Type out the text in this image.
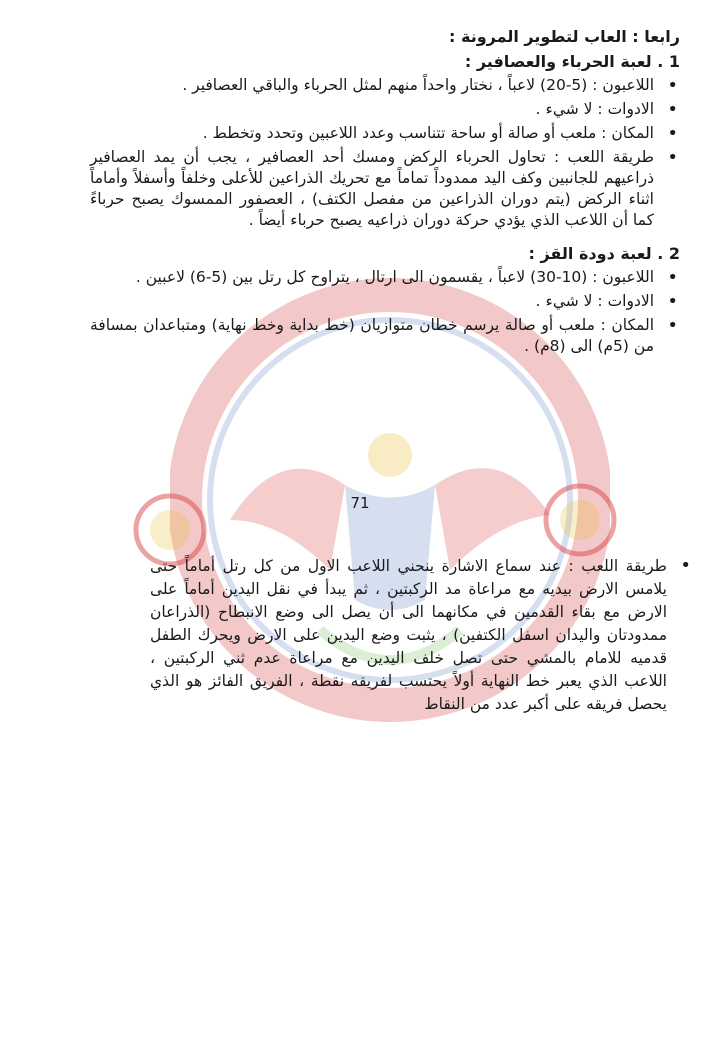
رابعا : العاب لتطوير المرونة :
1 . لعبة الحرباء والعصافير :
• اللاعبون : (5-20) لاعباً ، نختار واحداً منهم لمثل الحرباء والباقي العصافير .
• الادوات : لا شيء .
• المكان : ملعب أو صالة أو ساحة تتناسب وعدد اللاعبين وتحدد وتخطط .
• طريقة اللعب : تحاول الحرباء الركض ومسك أحد العصافير ، يجب أن يمد العصافير ذراعيهم للجانبين وكف اليد ممدوداً تماماً مع تحريك الذراعين للأعلى وخلفاً وأسفلاً وأماماً اثناء الركض (يتم دوران الذراعين من مفصل الكتف) ، العصفور الممسوك يصبح حرباءً كما أن اللاعب الذي يؤدي حركة دوران ذراعيه يصبح حرباء أيضاً .
2 . لعبة دودة القز :
• اللاعبون : (10-30) لاعباً ، يقسمون الى ارتال ، يتراوح كل رتل بين (5-6) لاعبين .
• الادوات : لا شيء .
• المكان : ملعب أو صالة يرسم خطان متوازيان (خط بداية وخط نهاية) ومتباعدان بمسافة من (5م) الى (8م) .
71
• طريقة اللعب : عند سماع الاشارة ينحني اللاعب الاول من كل رتل أماماً حتى يلامس الارض بيديه مع مراعاة مد الركبتين ، ثم يبدأ في نقل اليدين أماماً على الارض مع بقاء القدمين في مكانهما الى أن يصل الى وضع الانبطاح (الذراعان ممدودتان واليدان اسفل الكتفين) ، يثبت وضع اليدين على الارض ويحرك الطفل قدميه للامام بالمشي حتى تصل خلف اليدين مع مراعاة عدم ثني الركبتين ، اللاعب الذي يعبر خط النهاية أولاً يحتسب لفريقه نقطة ، الفريق الفائز هو الذي يحصل فريقه على أكبر عدد من النقاط
